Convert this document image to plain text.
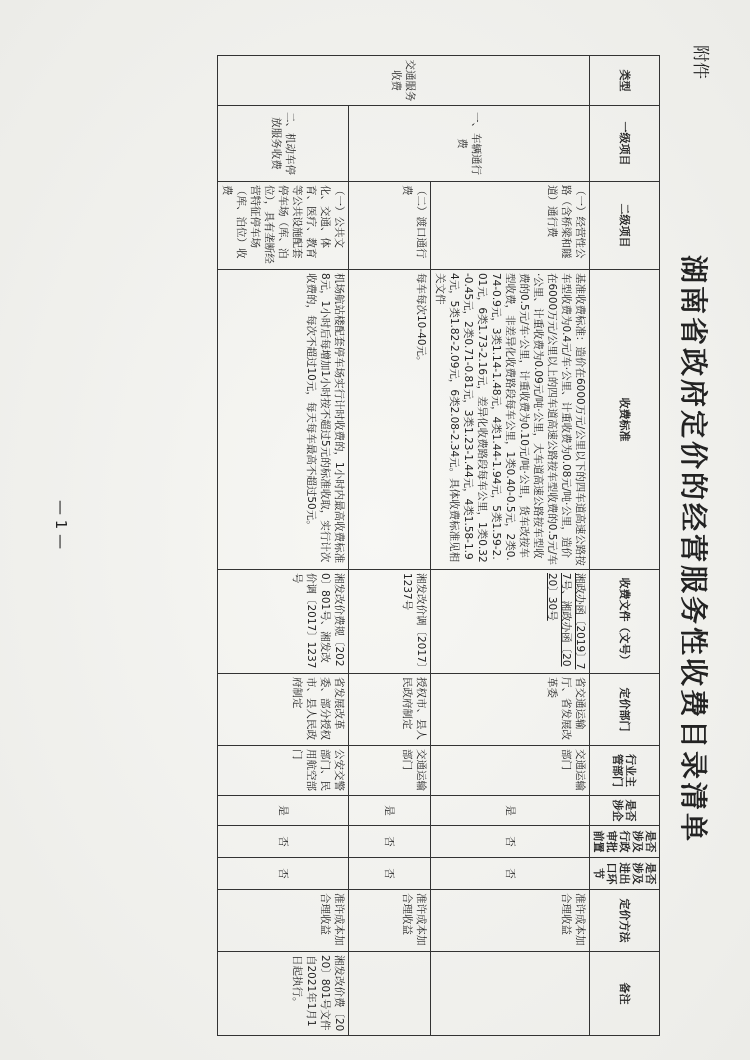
附件
湖南省政府定价的经营服务性收费目录清单
类型	一级项目	二级项目	收费标准	收费文件（文号）	定价部门	行业主管部门	是否涉企	是否涉及行政审批前置	是否涉及进出口环节	定价方法	备注
交通服务收费	一、车辆通行费	（一）经营性公路（含桥梁和隧道）通行费	基准收费标准：造价在6000万元/公里以下的四车道高速公路按车型收费为0.4元/车·公里、计重收费为0.08元/吨·公里，造价在6000万元/公里以上的四车道高速公路按车型收费的0.5元/车·公里、计重收费为0.09元/吨·公里，大车道高速公路按车型收费的0.5元/车·公里，计重收费为0.10元/吨·公里，货车改按车型收费，非差异化收费路段每车公里，1类0.40-0.5元，2类0.74-0.9元，3类1.14-1.48元，4类1.44-1.94元，5类1.59-2.01元，6类1.73-2.16元，差异化收费路段每车公里，1类0.32-0.45元，2类0.71-0.81元，3类1.23-1.44元，4类1.58-1.94元，5类1.82-2.09元，6类2.08-2.34元。具体收费标准见相关文件	湘政办函〔2019〕77号、湘政办函〔2020〕30号	省交通运输厅、省发展改革委	交通运输部门	是	否	否	准许成本加合理收益	
		（二）渡口通行费	每车每次10-40元。	湘发改价调〔2017〕1237号	授权市、县人民政府制定	交通运输部门	是	否	否	准许成本加合理收益	
	二、机动车停放服务收费	（一）公共文化、交通、体育、医疗、教育等公共设施配套停车场（库、泊位），具有垄断经营特征停车场（库、泊位）收费	机场航站楼配套停车场实行计时收费的，1小时内最高收费标准8元，1小时后每增加1小时按不超过5元的标准收取，实行计次收费的，每次不超过10元，每天每车最高不超过50元。	湘发改价费规〔2020〕801号、湘发改价调〔2017〕1237号	省发展改革委、部分授权市、县人民政府制定	公安交警部门、民用航空部门	是	否	否	准许成本加合理收益	湘发改价费〔2020〕801号文件自2021年1月1日起执行。
— 1 —
